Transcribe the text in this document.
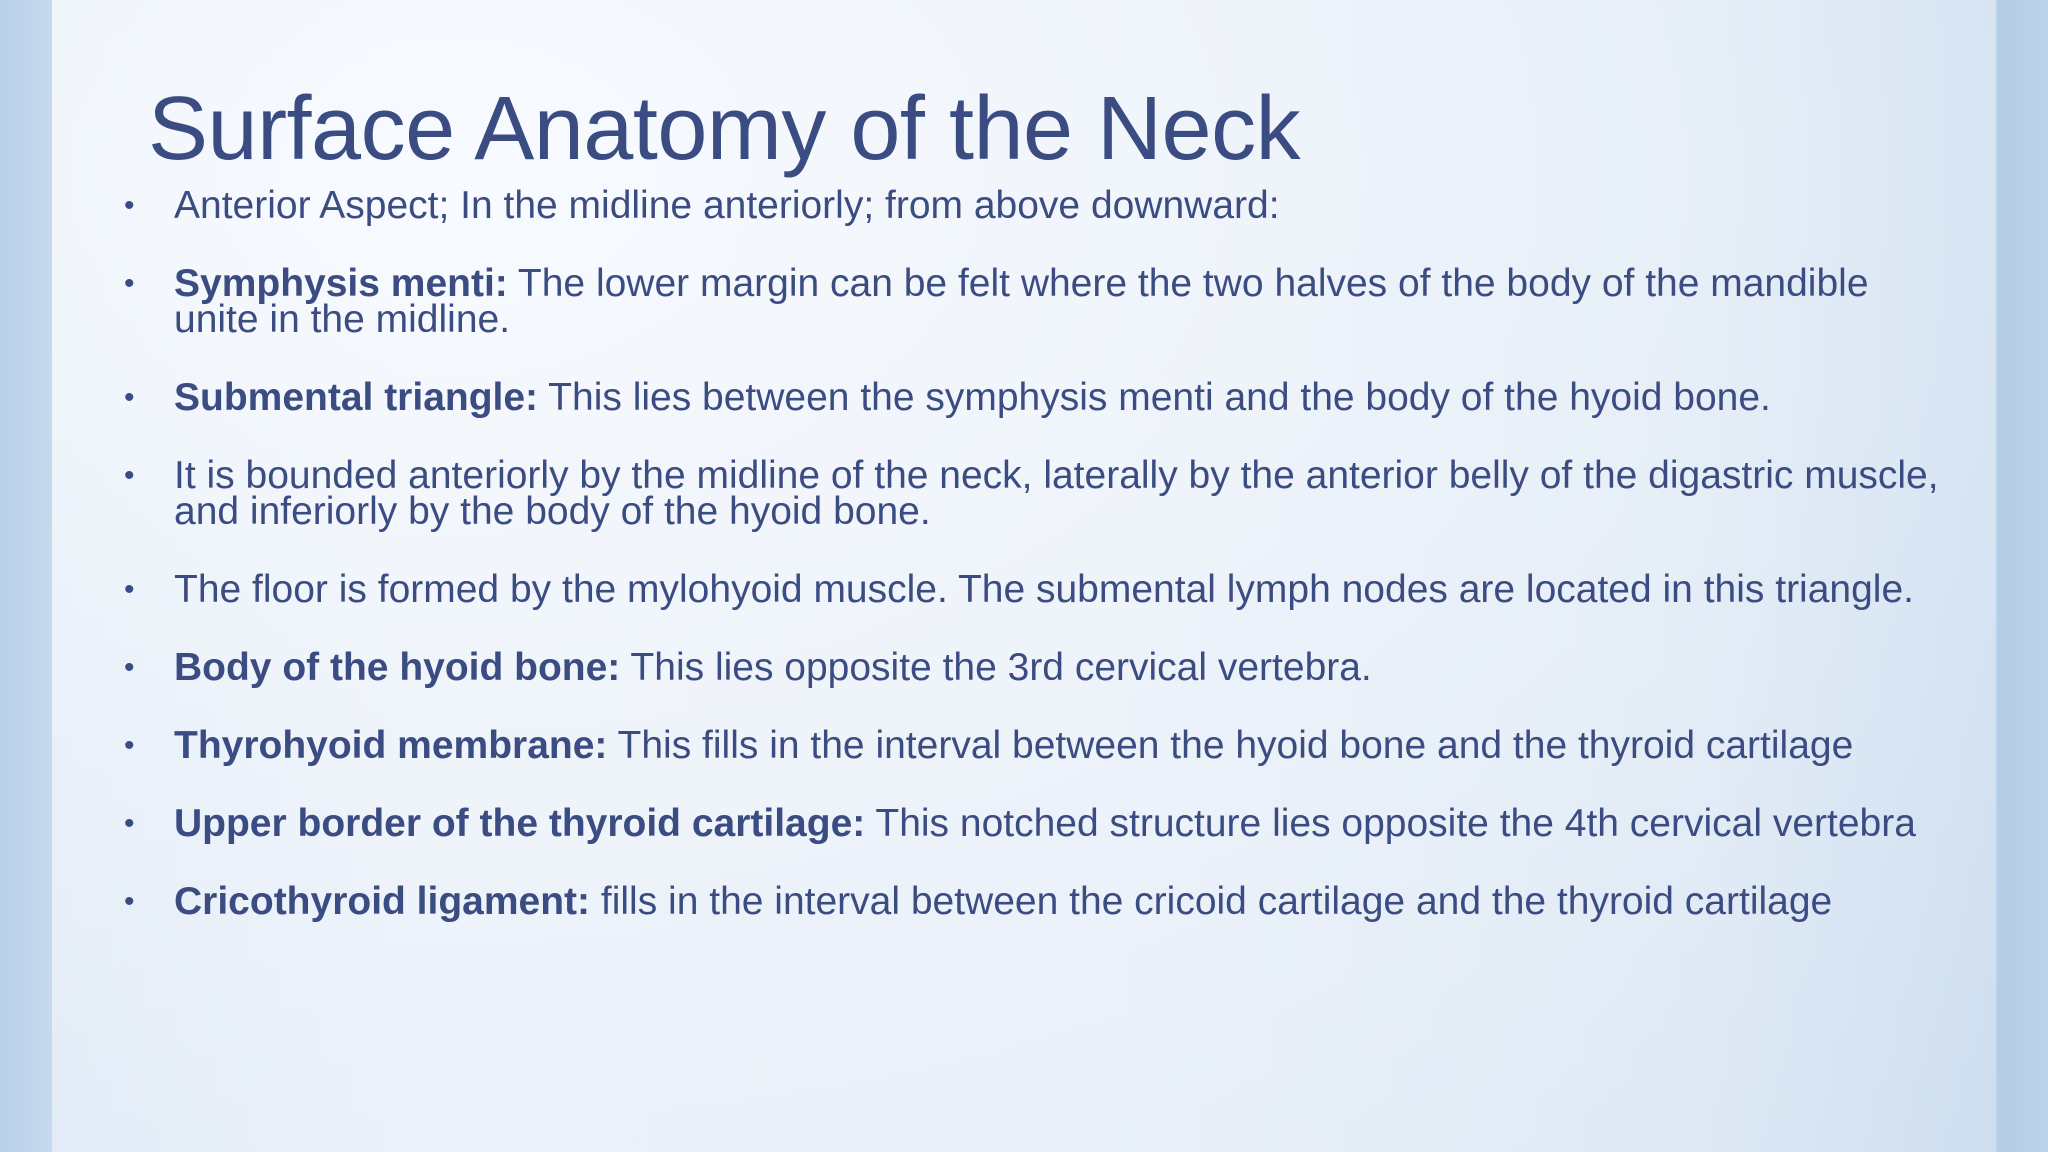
Surface Anatomy of the Neck
• Anterior Aspect; In the midline anteriorly; from above downward:
• Symphysis menti: The lower margin can be felt where the two halves of the body of the mandible unite in the midline.
• Submental triangle: This lies between the symphysis menti and the body of the hyoid bone.
• It is bounded anteriorly by the midline of the neck, laterally by the anterior belly of the digastric muscle, and inferiorly by the body of the hyoid bone.
• The floor is formed by the mylohyoid muscle. The submental lymph nodes are located in this triangle.
• Body of the hyoid bone: This lies opposite the 3rd cervical vertebra.
• Thyrohyoid membrane: This fills in the interval between the hyoid bone and the thyroid cartilage
• Upper border of the thyroid cartilage: This notched structure lies opposite the 4th cervical vertebra
• Cricothyroid ligament: fills in the interval between the cricoid cartilage and the thyroid cartilage
